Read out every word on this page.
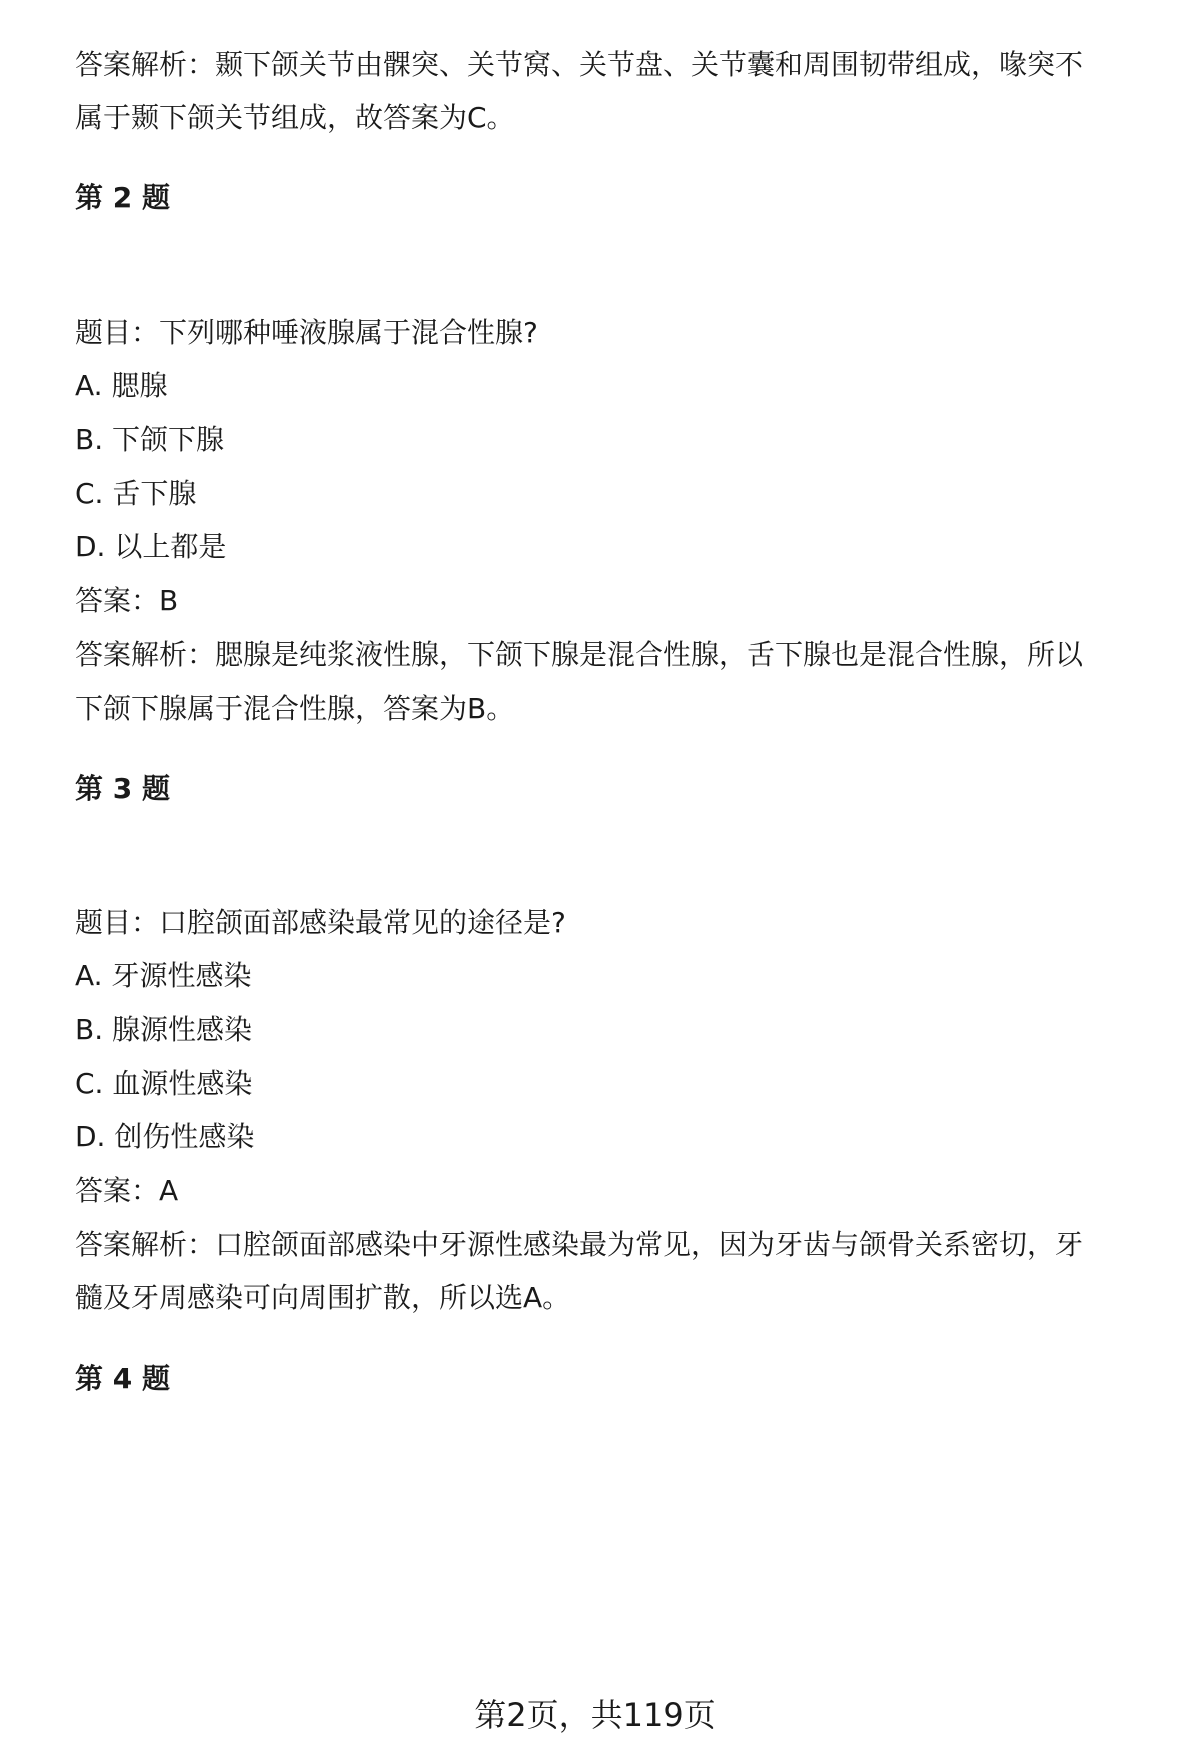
答案解析：颞下颌关节由髁突、关节窝、关节盘、关节囊和周围韧带组成，喙突不
属于颞下颌关节组成，故答案为C。
第 2 题
题目：下列哪种唾液腺属于混合性腺?
A. 腮腺
B. 下颌下腺
C. 舌下腺
D. 以上都是
答案：B
答案解析：腮腺是纯浆液性腺，下颌下腺是混合性腺，舌下腺也是混合性腺，所以
下颌下腺属于混合性腺，答案为B。
第 3 题
题目：口腔颌面部感染最常见的途径是?
A. 牙源性感染
B. 腺源性感染
C. 血源性感染
D. 创伤性感染
答案：A
答案解析：口腔颌面部感染中牙源性感染最为常见，因为牙齿与颌骨关系密切，牙
髓及牙周感染可向周围扩散，所以选A。
第 4 题
第2页，共119页
